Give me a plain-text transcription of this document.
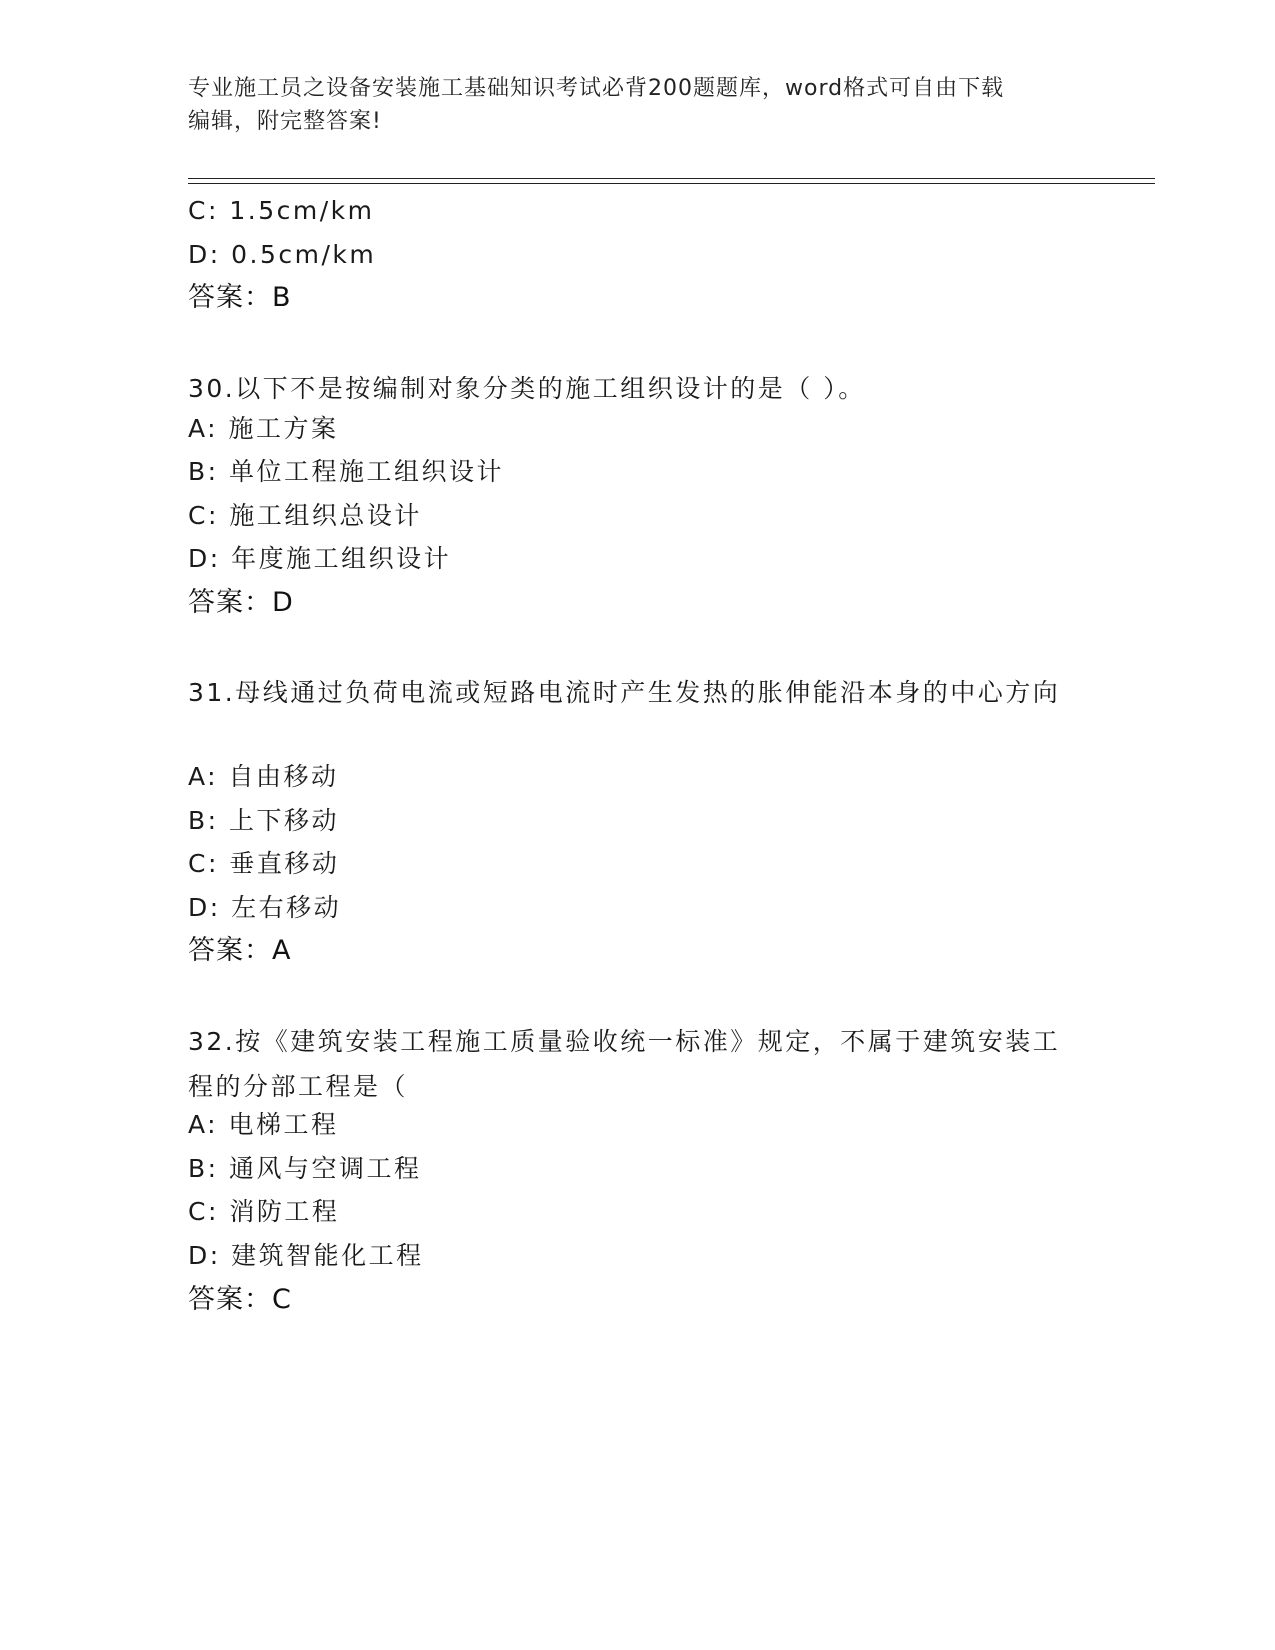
专业施工员之设备安装施工基础知识考试必背200题题库，word格式可自由下载
编辑，附完整答案!
C: 1.5cm/km
D: 0.5cm/km
答案：B
30.以下不是按编制对象分类的施工组织设计的是（ ）。
A: 施工方案
B: 单位工程施工组织设计
C: 施工组织总设计
D: 年度施工组织设计
答案：D
31.母线通过负荷电流或短路电流时产生发热的胀伸能沿本身的中心方向
A: 自由移动
B: 上下移动
C: 垂直移动
D: 左右移动
答案：A
32.按《建筑安装工程施工质量验收统一标准》规定，不属于建筑安装工程的分部工程是（
A: 电梯工程
B: 通风与空调工程
C: 消防工程
D: 建筑智能化工程
答案：C
